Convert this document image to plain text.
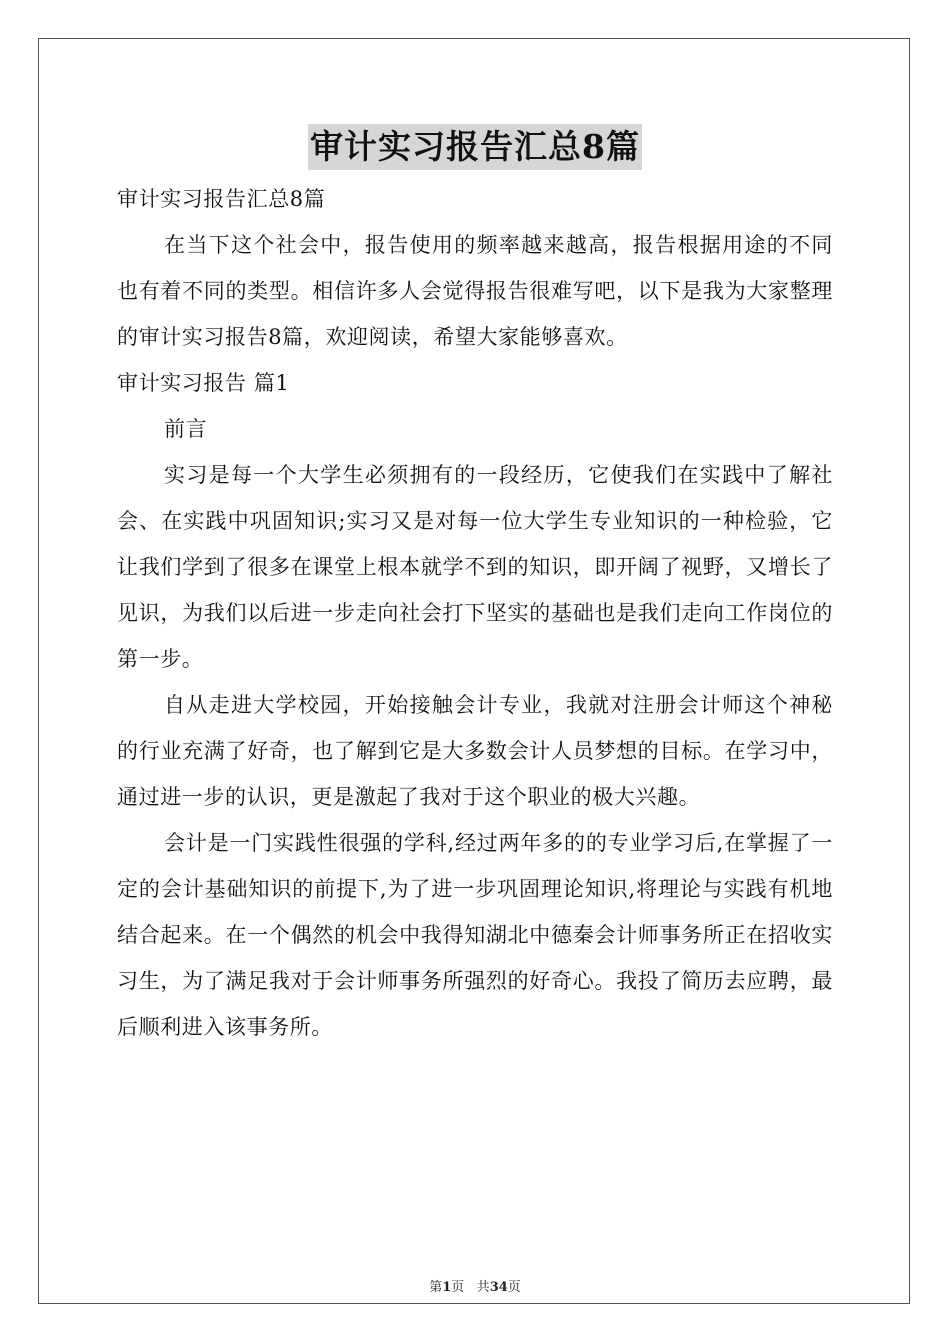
审计实习报告汇总8篇

审计实习报告汇总8篇

在当下这个社会中，报告使用的频率越来越高，报告根据用途的不同也有着不同的类型。相信许多人会觉得报告很难写吧，以下是我为大家整理的审计实习报告8篇，欢迎阅读，希望大家能够喜欢。

审计实习报告 篇1

前言

实习是每一个大学生必须拥有的一段经历，它使我们在实践中了解社会、在实践中巩固知识;实习又是对每一位大学生专业知识的一种检验，它让我们学到了很多在课堂上根本就学不到的知识，即开阔了视野，又增长了见识，为我们以后进一步走向社会打下坚实的基础也是我们走向工作岗位的第一步。

自从走进大学校园，开始接触会计专业，我就对注册会计师这个神秘的行业充满了好奇，也了解到它是大多数会计人员梦想的目标。在学习中，通过进一步的认识，更是激起了我对于这个职业的极大兴趣。

会计是一门实践性很强的学科,经过两年多的的专业学习后,在掌握了一定的会计基础知识的前提下,为了进一步巩固理论知识,将理论与实践有机地结合起来。在一个偶然的机会中我得知湖北中德秦会计师事务所正在招收实习生，为了满足我对于会计师事务所强烈的好奇心。我投了简历去应聘，最后顺利进入该事务所。

第1页 共34页
